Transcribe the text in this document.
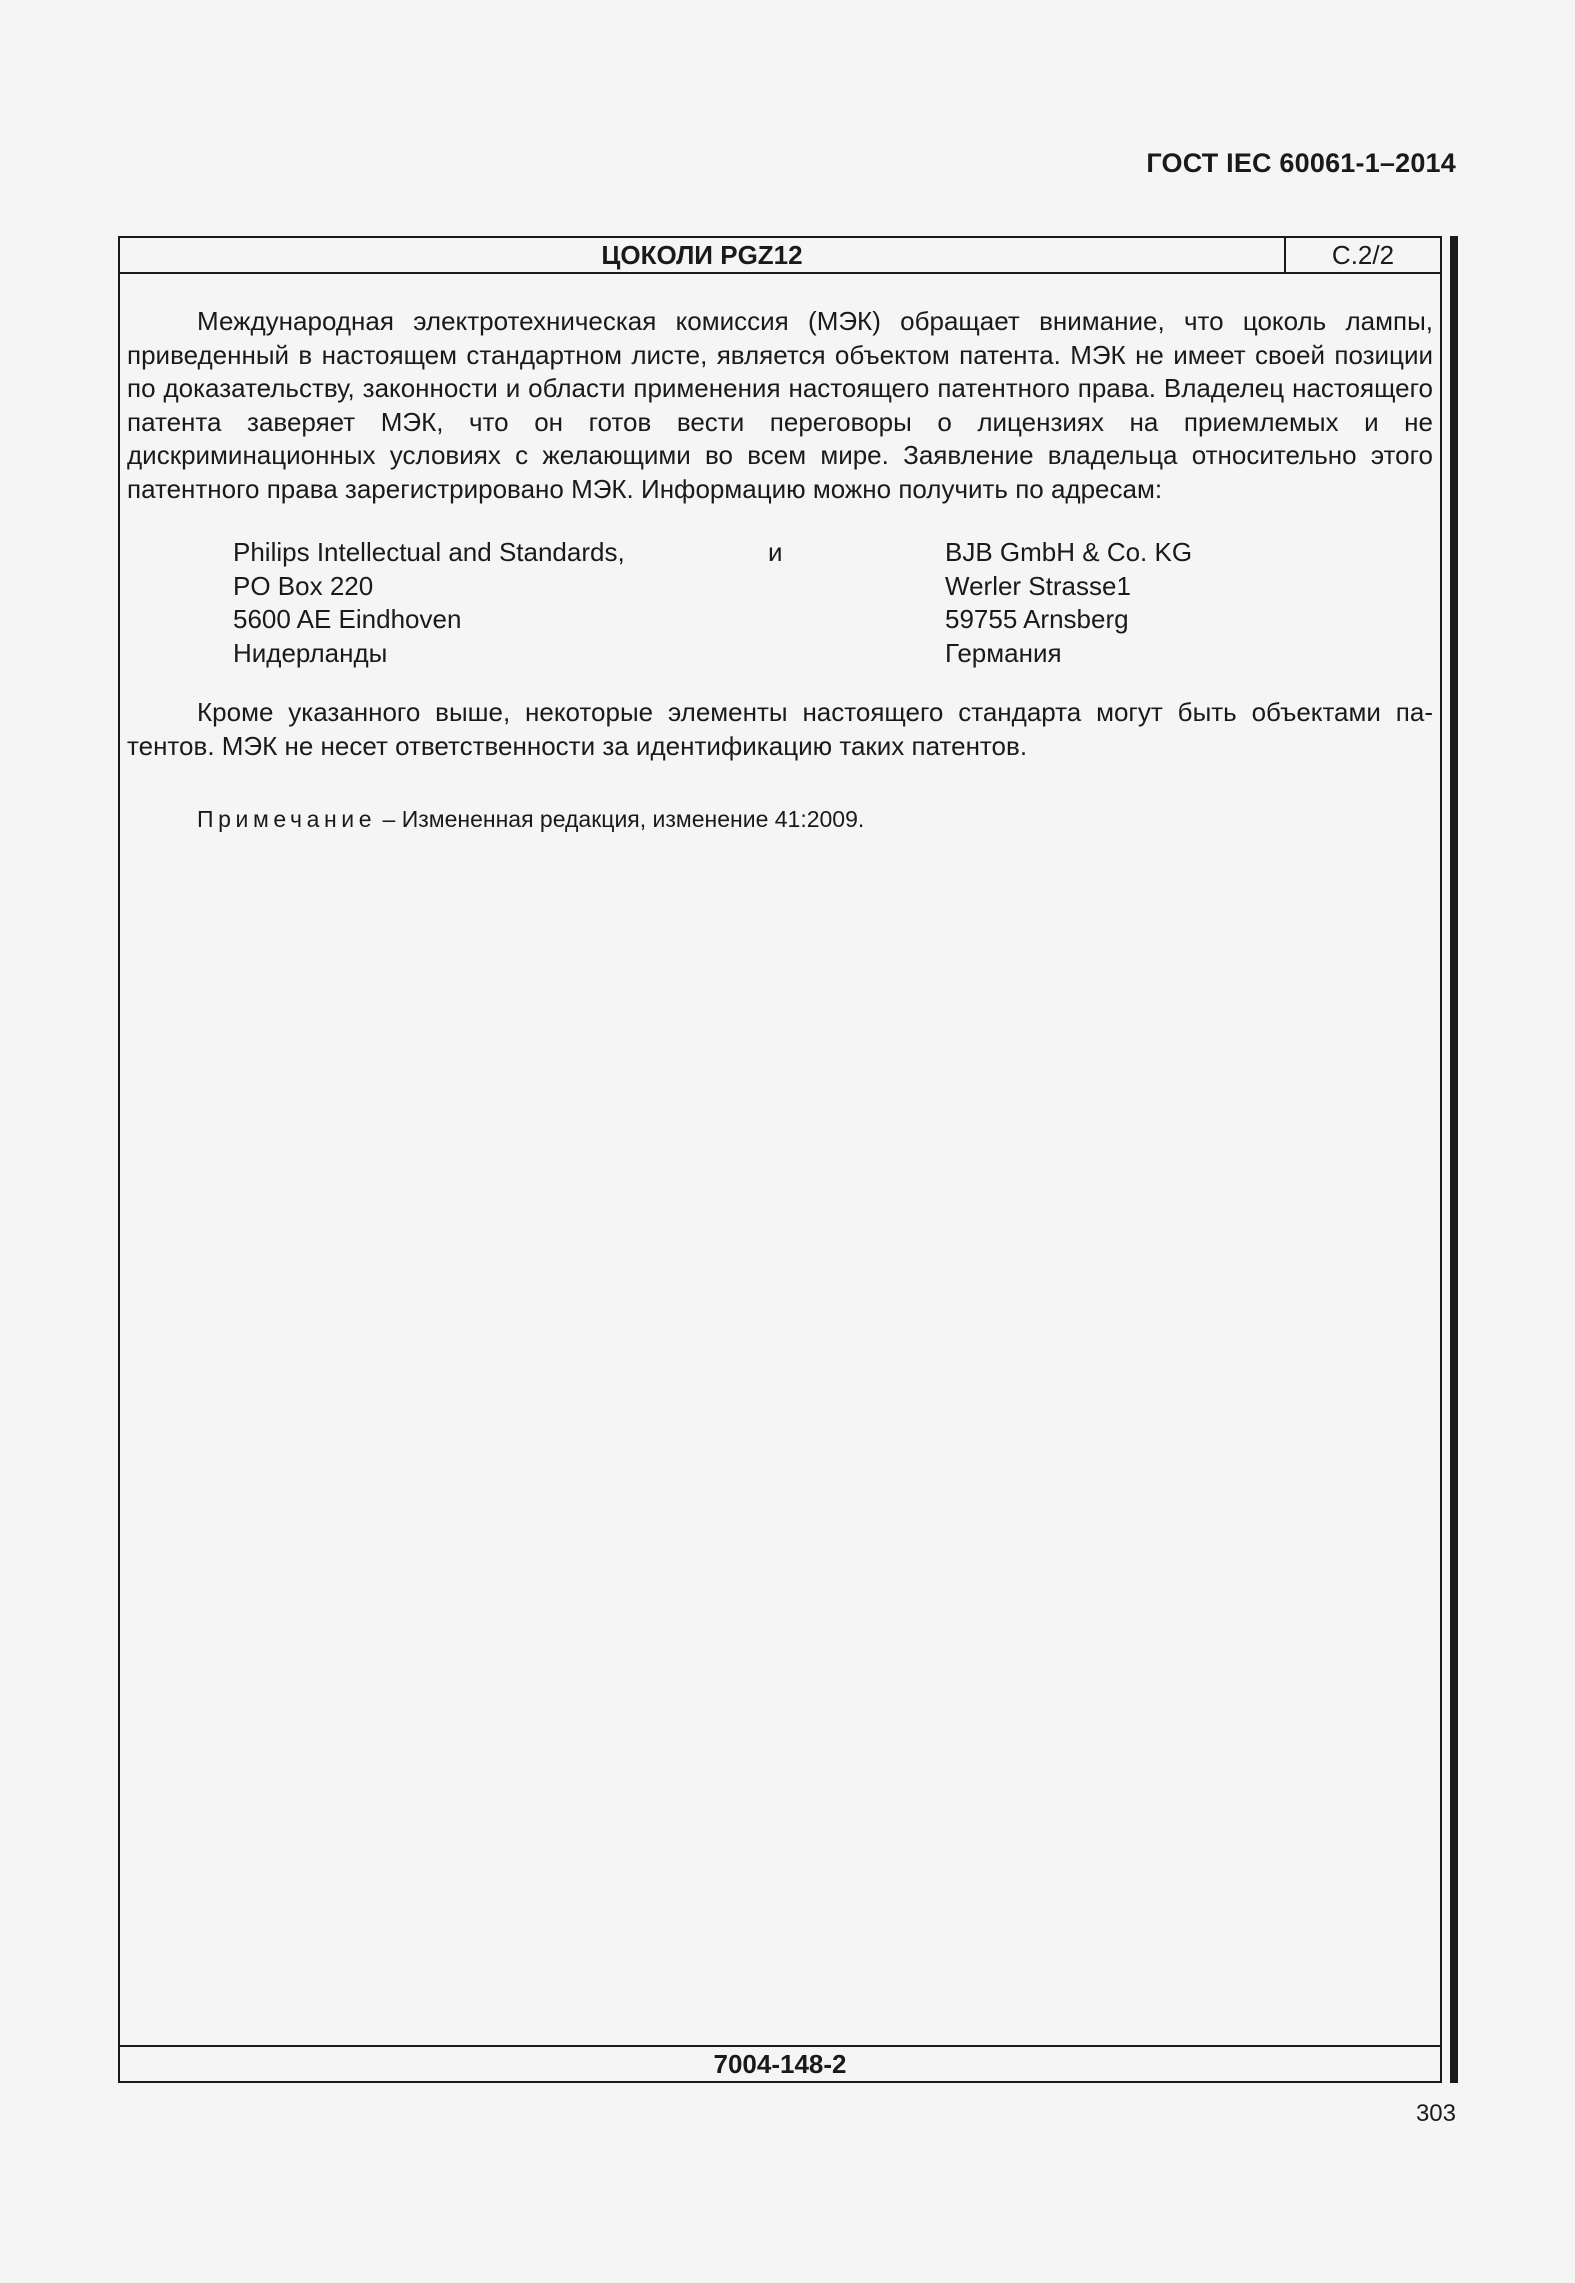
ГОСТ IEC 60061-1–2014
ЦОКОЛИ PGZ12	С.2/2

Международная электротехническая комиссия (МЭК) обращает внимание, что цоколь лампы, приведенный в настоящем стандартном листе, является объектом патента. МЭК не имеет своей позиции по доказательству, законности и области применения настоящего патентного права. Владелец настоящего патента заверяет МЭК, что он готов вести переговоры о лицензиях на приемлемых и не дискриминационных условиях с желающими во всем мире. Заявление владельца относительно этого патентного права зарегистрировано МЭК. Информацию можно получить по адресам:

Philips Intellectual and Standards,
PO Box 220
5600 AE Eindhoven
Нидерланды
и	BJB GmbH & Co. KG
Werler Strasse1
59755 Arnsberg
Германия

Кроме указанного выше, некоторые элементы настоящего стандарта могут быть объектами патентов. МЭК не несет ответственности за идентификацию таких патентов.

Примечание – Измененная редакция, изменение 41:2009.
7004-148-2
303
